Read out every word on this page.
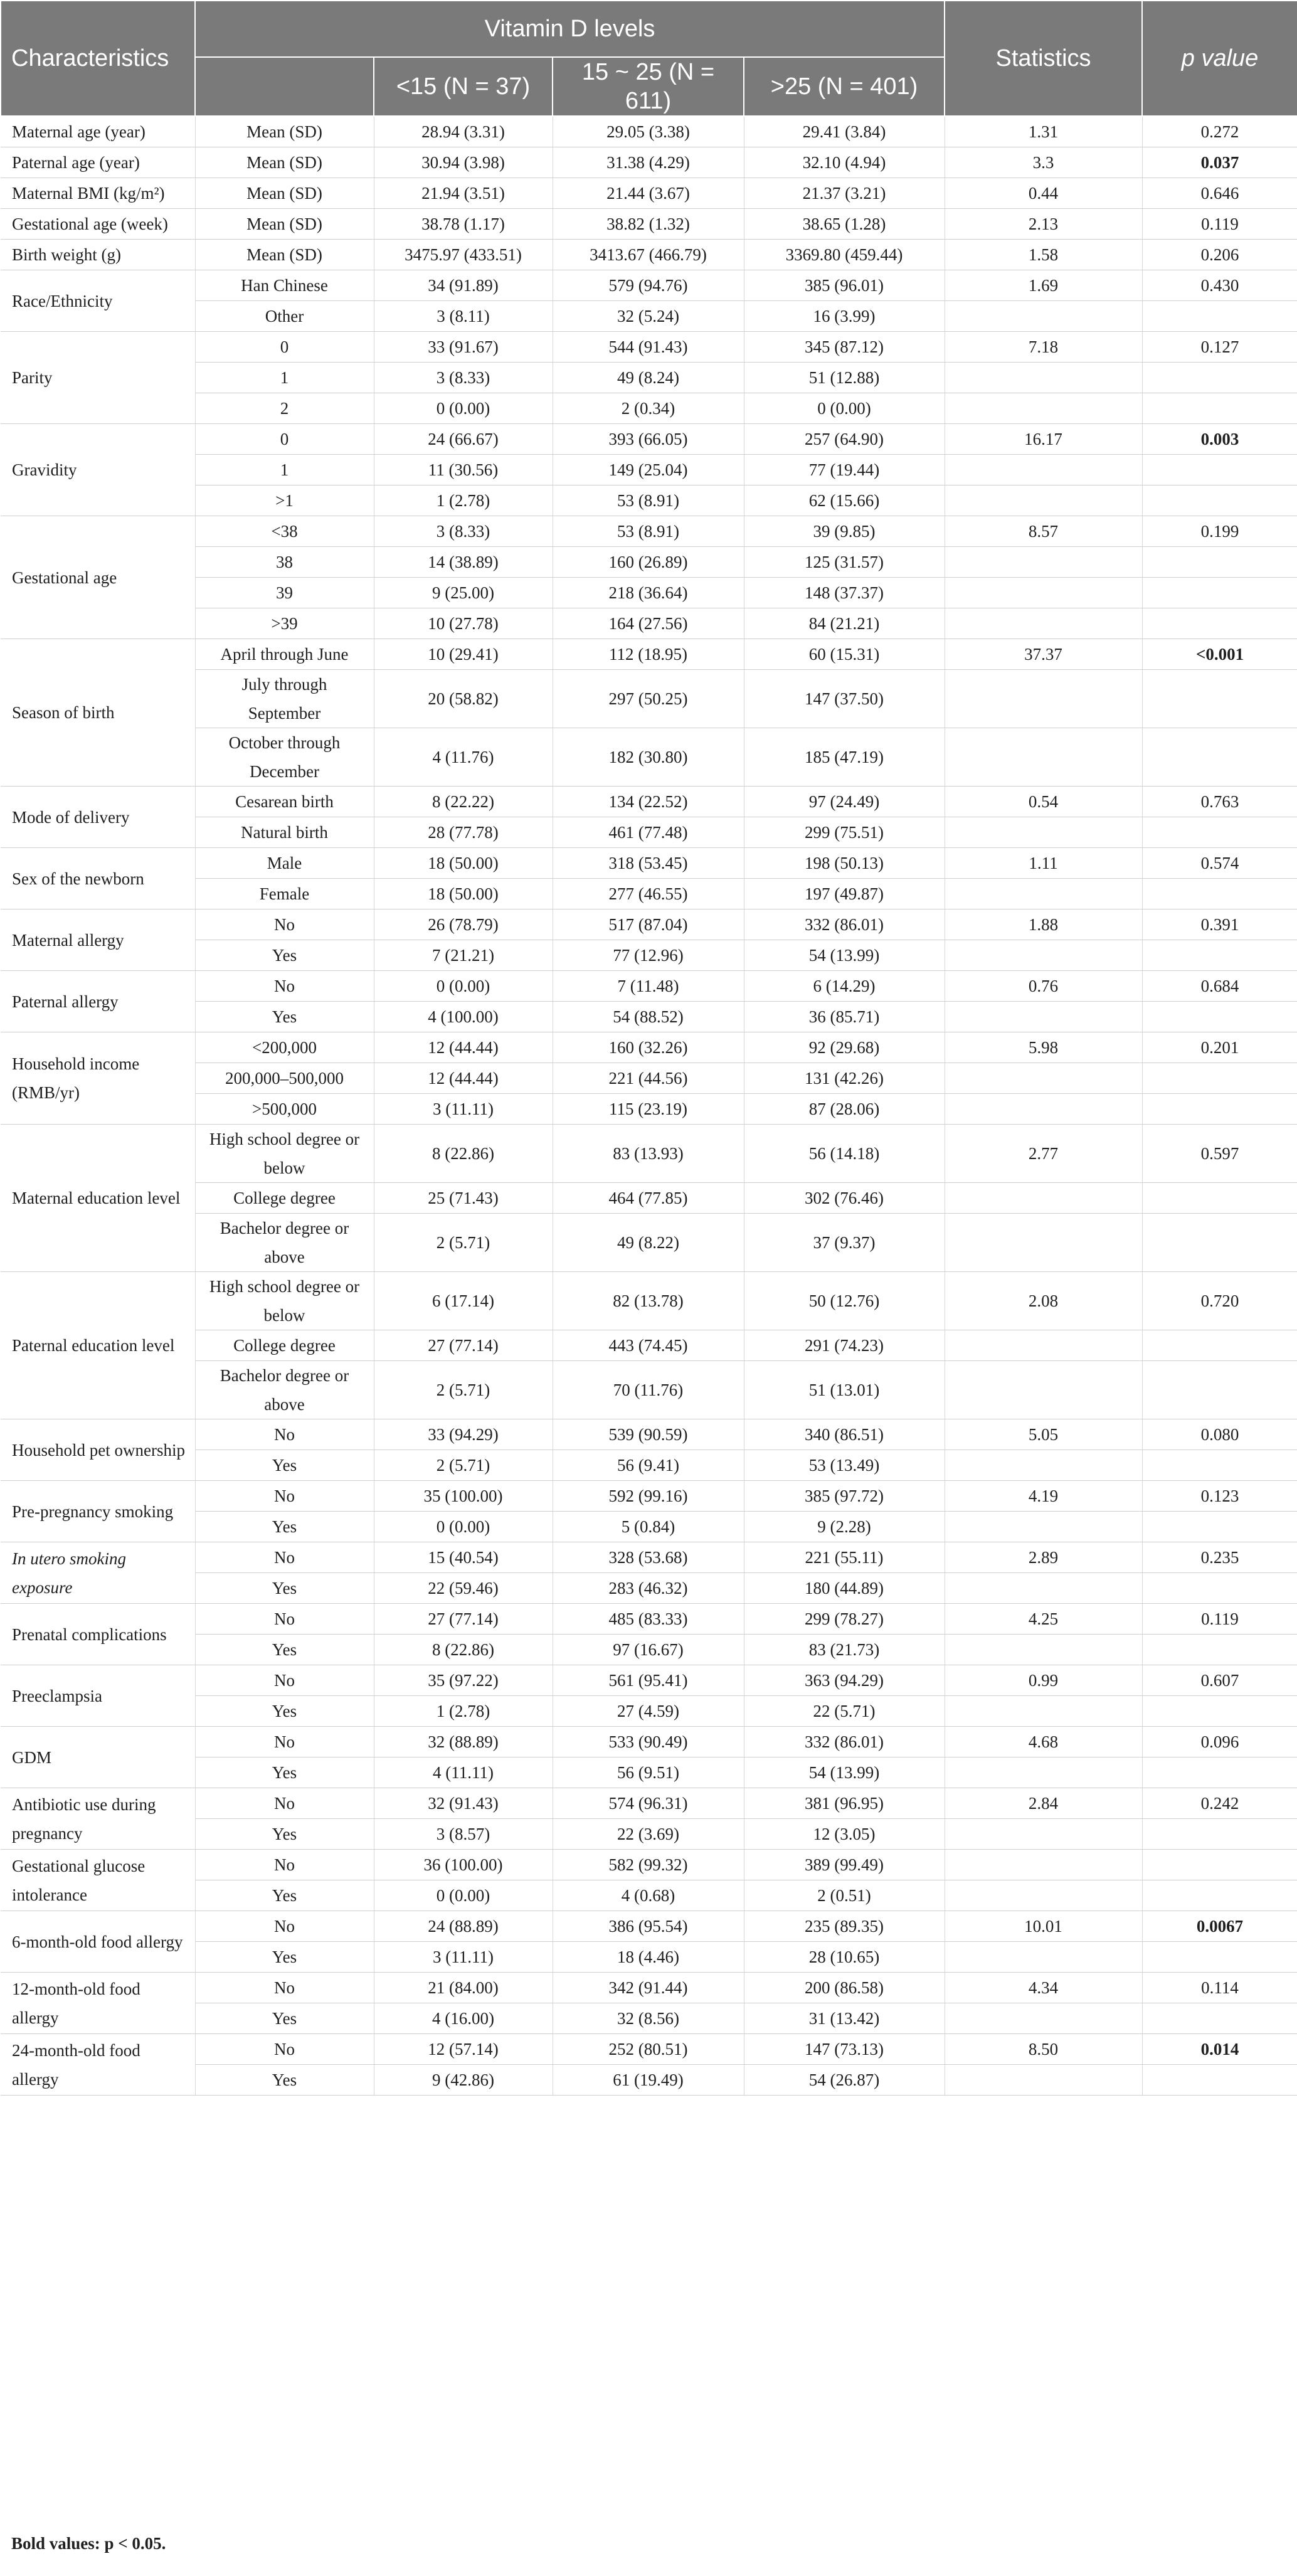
Characteristics	Vitamin D levels				Statistics	p value
		<15 (N = 37)	15 ~ 25 (N = 611)	>25 (N = 401)		
Maternal age (year)	Mean (SD)	28.94 (3.31)	29.05 (3.38)	29.41 (3.84)	1.31	0.272
Paternal age (year)	Mean (SD)	30.94 (3.98)	31.38 (4.29)	32.10 (4.94)	3.3	0.037
Maternal BMI (kg/m²)	Mean (SD)	21.94 (3.51)	21.44 (3.67)	21.37 (3.21)	0.44	0.646
Gestational age (week)	Mean (SD)	38.78 (1.17)	38.82 (1.32)	38.65 (1.28)	2.13	0.119
Birth weight (g)	Mean (SD)	3475.97 (433.51)	3413.67 (466.79)	3369.80 (459.44)	1.58	0.206
Race/Ethnicity	Han Chinese	34 (91.89)	579 (94.76)	385 (96.01)	1.69	0.430
	Other	3 (8.11)	32 (5.24)	16 (3.99)		
Parity	0	33 (91.67)	544 (91.43)	345 (87.12)	7.18	0.127
	1	3 (8.33)	49 (8.24)	51 (12.88)		
	2	0 (0.00)	2 (0.34)	0 (0.00)		
Gravidity	0	24 (66.67)	393 (66.05)	257 (64.90)	16.17	0.003
	1	11 (30.56)	149 (25.04)	77 (19.44)		
	>1	1 (2.78)	53 (8.91)	62 (15.66)		
Gestational age	<38	3 (8.33)	53 (8.91)	39 (9.85)	8.57	0.199
	38	14 (38.89)	160 (26.89)	125 (31.57)		
	39	9 (25.00)	218 (36.64)	148 (37.37)		
	>39	10 (27.78)	164 (27.56)	84 (21.21)		
Season of birth	April through June	10 (29.41)	112 (18.95)	60 (15.31)	37.37	<0.001
	July through September	20 (58.82)	297 (50.25)	147 (37.50)		
	October through December	4 (11.76)	182 (30.80)	185 (47.19)		
Mode of delivery	Cesarean birth	8 (22.22)	134 (22.52)	97 (24.49)	0.54	0.763
	Natural birth	28 (77.78)	461 (77.48)	299 (75.51)		
Sex of the newborn	Male	18 (50.00)	318 (53.45)	198 (50.13)	1.11	0.574
	Female	18 (50.00)	277 (46.55)	197 (49.87)		
Maternal allergy	No	26 (78.79)	517 (87.04)	332 (86.01)	1.88	0.391
	Yes	7 (21.21)	77 (12.96)	54 (13.99)		
Paternal allergy	No	0 (0.00)	7 (11.48)	6 (14.29)	0.76	0.684
	Yes	4 (100.00)	54 (88.52)	36 (85.71)		
Household income (RMB/yr)	<200,000	12 (44.44)	160 (32.26)	92 (29.68)	5.98	0.201
	200,000–500,000	12 (44.44)	221 (44.56)	131 (42.26)		
	>500,000	3 (11.11)	115 (23.19)	87 (28.06)		
Maternal education level	High school degree or below	8 (22.86)	83 (13.93)	56 (14.18)	2.77	0.597
	College degree	25 (71.43)	464 (77.85)	302 (76.46)		
	Bachelor degree or above	2 (5.71)	49 (8.22)	37 (9.37)		
Paternal education level	High school degree or below	6 (17.14)	82 (13.78)	50 (12.76)	2.08	0.720
	College degree	27 (77.14)	443 (74.45)	291 (74.23)		
	Bachelor degree or above	2 (5.71)	70 (11.76)	51 (13.01)		
Household pet ownership	No	33 (94.29)	539 (90.59)	340 (86.51)	5.05	0.080
	Yes	2 (5.71)	56 (9.41)	53 (13.49)		
Pre-pregnancy smoking	No	35 (100.00)	592 (99.16)	385 (97.72)	4.19	0.123
	Yes	0 (0.00)	5 (0.84)	9 (2.28)		
In utero smoking exposure	No	15 (40.54)	328 (53.68)	221 (55.11)	2.89	0.235
	Yes	22 (59.46)	283 (46.32)	180 (44.89)		
Prenatal complications	No	27 (77.14)	485 (83.33)	299 (78.27)	4.25	0.119
	Yes	8 (22.86)	97 (16.67)	83 (21.73)		
Preeclampsia	No	35 (97.22)	561 (95.41)	363 (94.29)	0.99	0.607
	Yes	1 (2.78)	27 (4.59)	22 (5.71)		
GDM	No	32 (88.89)	533 (90.49)	332 (86.01)	4.68	0.096
	Yes	4 (11.11)	56 (9.51)	54 (13.99)		
Antibiotic use during pregnancy	No	32 (91.43)	574 (96.31)	381 (96.95)	2.84	0.242
	Yes	3 (8.57)	22 (3.69)	12 (3.05)		
Gestational glucose intolerance	No	36 (100.00)	582 (99.32)	389 (99.49)		
	Yes	0 (0.00)	4 (0.68)	2 (0.51)		
6-month-old food allergy	No	24 (88.89)	386 (95.54)	235 (89.35)	10.01	0.0067
	Yes	3 (11.11)	18 (4.46)	28 (10.65)		
12-month-old food allergy	No	21 (84.00)	342 (91.44)	200 (86.58)	4.34	0.114
	Yes	4 (16.00)	32 (8.56)	31 (13.42)		
24-month-old food allergy	No	12 (57.14)	252 (80.51)	147 (73.13)	8.50	0.014
	Yes	9 (42.86)	61 (19.49)	54 (26.87)		
Bold values: p < 0.05.
